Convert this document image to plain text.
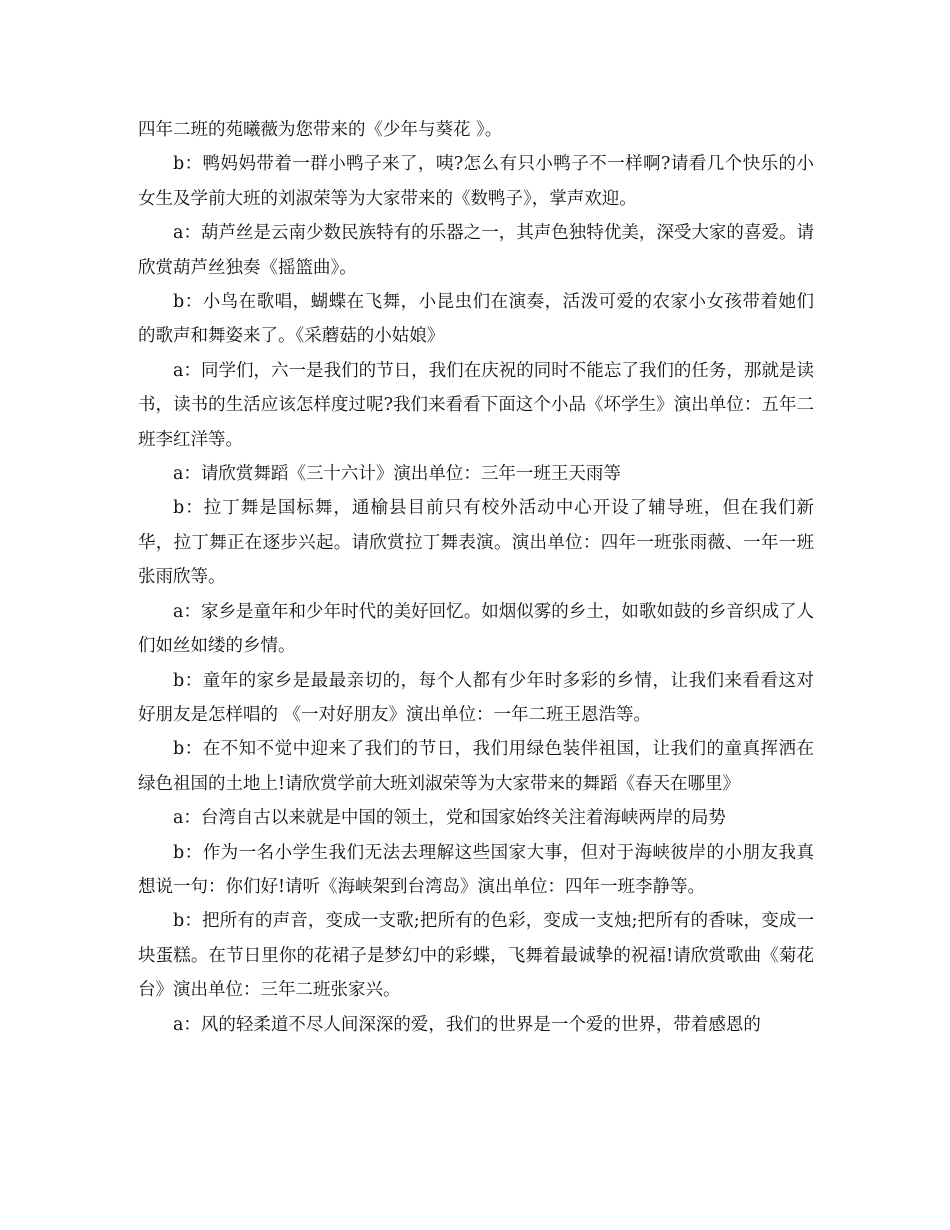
四年二班的苑曦薇为您带来的《少年与葵花 》。

b：鸭妈妈带着一群小鸭子来了，咦?怎么有只小鸭子不一样啊?请看几个快乐的小女生及学前大班的刘淑荣等为大家带来的《数鸭子》，掌声欢迎。

a：葫芦丝是云南少数民族特有的乐器之一，其声色独特优美，深受大家的喜爱。请欣赏葫芦丝独奏《摇篮曲》。

b：小鸟在歌唱，蝴蝶在飞舞，小昆虫们在演奏，活泼可爱的农家小女孩带着她们的歌声和舞姿来了。《采蘑菇的小姑娘》

a：同学们，六一是我们的节日，我们在庆祝的同时不能忘了我们的任务，那就是读书，读书的生活应该怎样度过呢?我们来看看下面这个小品《坏学生》演出单位：五年二班李红洋等。

a：请欣赏舞蹈《三十六计》演出单位：三年一班王天雨等

b：拉丁舞是国标舞，通榆县目前只有校外活动中心开设了辅导班，但在我们新华，拉丁舞正在逐步兴起。请欣赏拉丁舞表演。演出单位：四年一班张雨薇、一年一班张雨欣等。

a：家乡是童年和少年时代的美好回忆。如烟似雾的乡土，如歌如鼓的乡音织成了人们如丝如缕的乡情。

b：童年的家乡是最最亲切的，每个人都有少年时多彩的乡情，让我们来看看这对好朋友是怎样唱的 《一对好朋友》演出单位：一年二班王恩浩等。

b：在不知不觉中迎来了我们的节日，我们用绿色装伴祖国，让我们的童真挥洒在绿色祖国的土地上!请欣赏学前大班刘淑荣等为大家带来的舞蹈《春天在哪里》

a：台湾自古以来就是中国的领土，党和国家始终关注着海峡两岸的局势

b：作为一名小学生我们无法去理解这些国家大事，但对于海峡彼岸的小朋友我真想说一句：你们好!请听《海峡架到台湾岛》演出单位：四年一班李静等。

b：把所有的声音，变成一支歌;把所有的色彩，变成一支烛;把所有的香味，变成一块蛋糕。在节日里你的花裙子是梦幻中的彩蝶，飞舞着最诚挚的祝福!请欣赏歌曲《菊花台》演出单位：三年二班张家兴。

a：风的轻柔道不尽人间深深的爱，我们的世界是一个爱的世界，带着感恩的
